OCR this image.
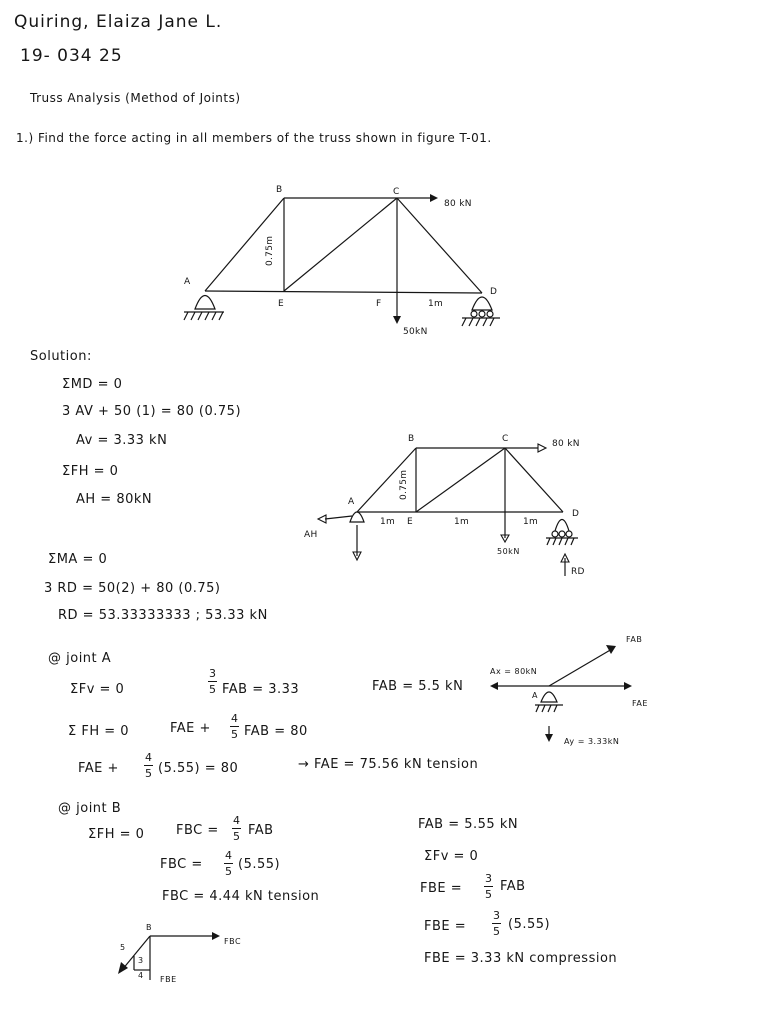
Quiring, Elaiza Jane L.
19- 034 25
Truss Analysis (Method of Joints)
1.) Find the force acting in all members of the truss shown in figure T-01.
B	C
A
E	F
D
80 kN
50kN
1m
0.75m
Solution:
ΣMD = 0
3 AV + 50 (1) = 80 (0.75)
Av = 3.33 kN
ΣFH = 0
AH = 80kN
ΣMA = 0
3 RD = 50(2) + 80 (0.75)
RD = 53.33333333 ; 53.33 kN
B	C
A
D
E
80 kN
50kN
0.75m
1m	1m	1m
AH
RD
@ joint A
ΣFv = 0
3
5 FAB = 3.33	FAB = 5.5 kN
Σ FH = 0	FAE +
4
5 FAB = 80
FAE +
4
5 (5.55) = 80	→ FAE = 75.56 kN tension
FAB
FAE
Ax = 80kN
A
Ay = 3.33kN
@ joint B
ΣFH = 0 FBC =
4
5 FAB
FBC =
4
5 (5.55)
FBC = 4.44 kN tension
FAB = 5.55 kN
ΣFv = 0
FBE =
3
5
FAB
FBE =
3
5 (5.55)
FBE = 3.33 kN compression
B
FBC
FBE
5
3
4
